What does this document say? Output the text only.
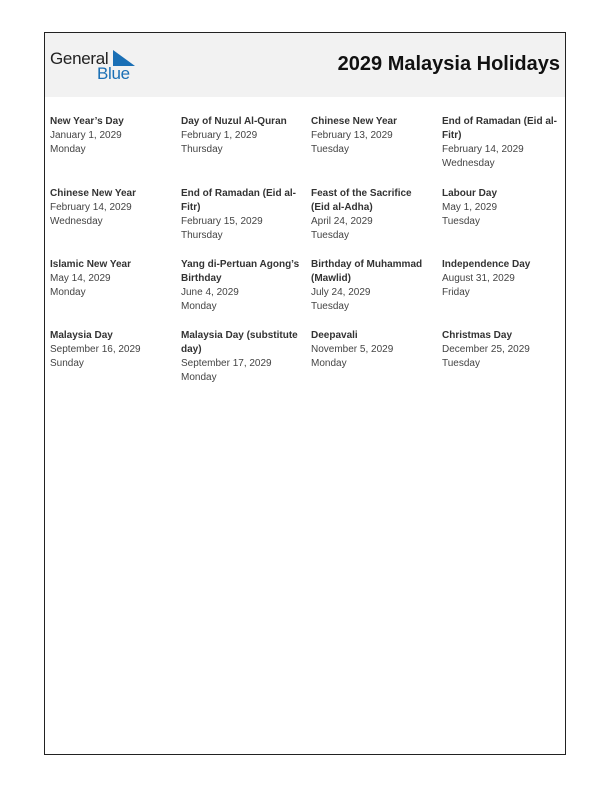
General
Blue	2029 Malaysia Holidays
New Year’s Day
January 1, 2029
Monday
Day of Nuzul Al-Quran
February 1, 2029
Thursday
Chinese New Year
February 13, 2029
Tuesday
End of Ramadan (Eid al-Fitr)
February 14, 2029
Wednesday
Chinese New Year
February 14, 2029
Wednesday
End of Ramadan (Eid al-Fitr)
February 15, 2029
Thursday
Feast of the Sacrifice (Eid al-Adha)
April 24, 2029
Tuesday
Labour Day
May 1, 2029
Tuesday
Islamic New Year
May 14, 2029
Monday
Yang di-Pertuan Agong’s Birthday
June 4, 2029
Monday
Birthday of Muhammad (Mawlid)
July 24, 2029
Tuesday
Independence Day
August 31, 2029
Friday
Malaysia Day
September 16, 2029
Sunday
Malaysia Day (substitute day)
September 17, 2029
Monday
Deepavali
November 5, 2029
Monday
Christmas Day
December 25, 2029
Tuesday
